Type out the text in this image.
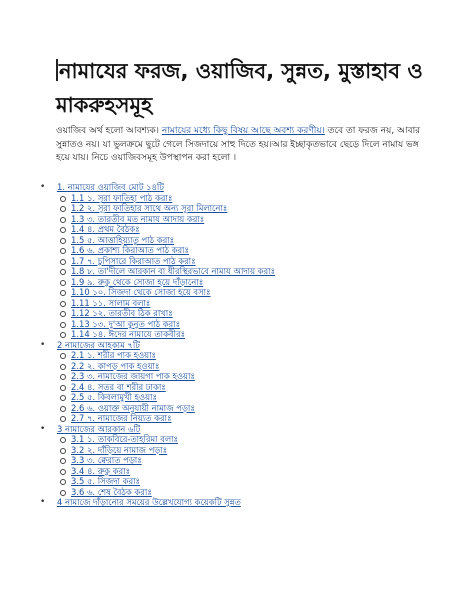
নামাযের ফরজ, ওয়াজিব, সুন্নত, মুস্তাহাব ও মাকরুহসমূহ
ওয়াজিব অর্থ হলো আবশ্যক। নামাযের মধ্যে কিছু বিষয় আছে অবশ্য করণীয়। তবে তা ফরজ নয়, আবার সুন্নাতও নয়। যা ভুলক্রমে ছুটে গেলে সিজদায়ে সাহু দিতে হয়।আর ইচ্ছাকৃতভাবে ছেড়ে দিলে নামায ভঙ্গ হয়ে যায়। নিচে ওয়াজিবসমূহ উপস্থাপন করা হলো ।
• 1. নামাযের ওয়াজিব মোট ১৪টি
1.1 ১. সূরা ফাতিহা পাঠ করাঃ
1.2 ২. সূরা ফাতিহার সাথে অন্য সূরা মিলানোঃ
1.3 ৩. তারতীব মত নামায আদায় করাঃ
1.4 ৪. প্রথম বৈঠকঃ
1.5 ৫. আত্তাহিয়্যাতু পাঠ করাঃ
1.6 ৬. প্রকাশ্য কিরাআত পাঠ করাঃ
1.7 ৭. চুপিসারে কিরাআত পাঠ করাঃ
1.8 ৮. তা'দীলে আরকান বা ধীরস্থিরভাবে নামায আদায় করাঃ
1.9 ৯. রুকু থেকে সোজা হয়ে দাঁড়ানোঃ
1.10 ১০. সিজদা থেকে সোজা হয়ে বসাঃ
1.11 ১১. সালাম বলাঃ
1.12 ১২. তারতীব ঠিক রাখাঃ
1.13 ১৩. দু'আ কুনুত পাঠ করাঃ
1.14 ১৪. ঈদের নামাযে তাকবীরঃ
• 2 নামাজের আহকাম ৭টি
2.1 ১. শরীর পাক হওয়াঃ
2.2 ২. কাপড় পাক হওয়াঃ
2.3 ৩. নামাজের জায়গা পাক হওয়াঃ
2.4 ৪. সতর বা শরীর ঢাকাঃ
2.5 ৫. কিবলামুখী হওয়াঃ
2.6 ৬. ওয়াক্ত অনুযায়ী নামাজ পড়াঃ
2.7 ৭. নামাজের নিয়্যত করাঃ
• 3 নামাজের আরকান ৬টি
3.1 ১. তাকবিরে-তাহরিমা বলাঃ
3.2 ২. দাঁড়িয়ে নামাজ পড়াঃ
3.3 ৩. ক্বেরাত পড়াঃ
3.4 ৪. রুকু করাঃ
3.5 ৫. সিজদা করাঃ
3.6 ৬. শেষ বৈঠক করাঃ
• 4 নামাজে দাঁড়ানোর সময়ের উল্লেখযোগ্য কয়েকটি সুন্নত
